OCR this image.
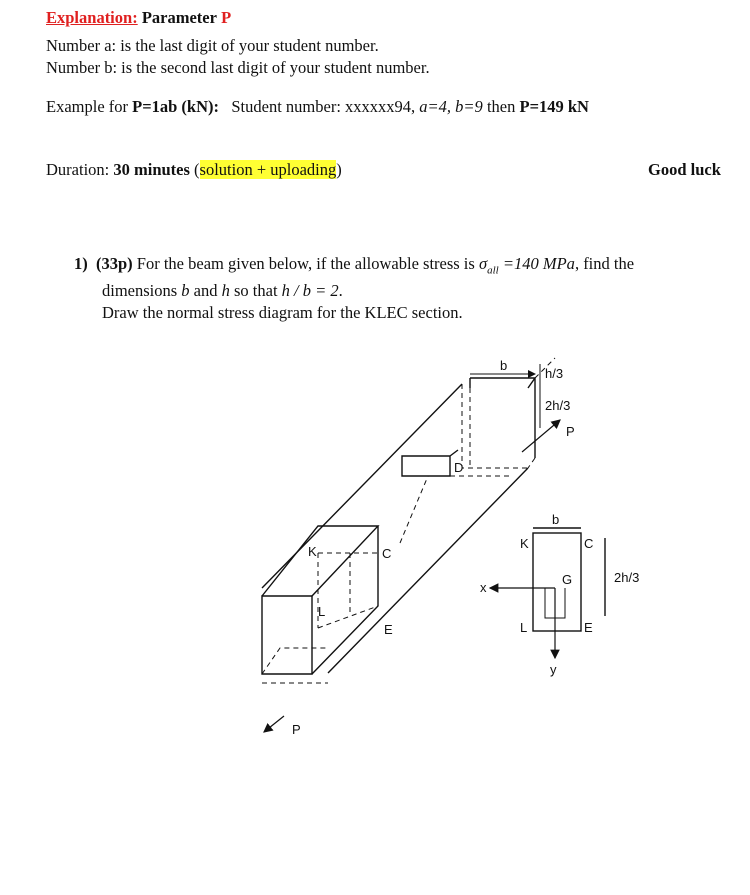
Explanation: Parameter P
Number a: is the last digit of your student number.
Number b: is the second last digit of your student number.
Example for P=1ab (kN): Student number: xxxxxx94, a=4, b=9 then P=149 kN
Duration: 30 minutes (solution + uploading)	Good luck
1) (33p) For the beam given below, if the allowable stress is $\sigma_{all} =140$ MPa, find the
dimensions b and h so that h / b = 2.
Draw the normal stress diagram for the KLEC section.
b
h/3
2h/3
P
D
K	C
L
E
P
b
K	C
G
L	E
x
y
2h/3
